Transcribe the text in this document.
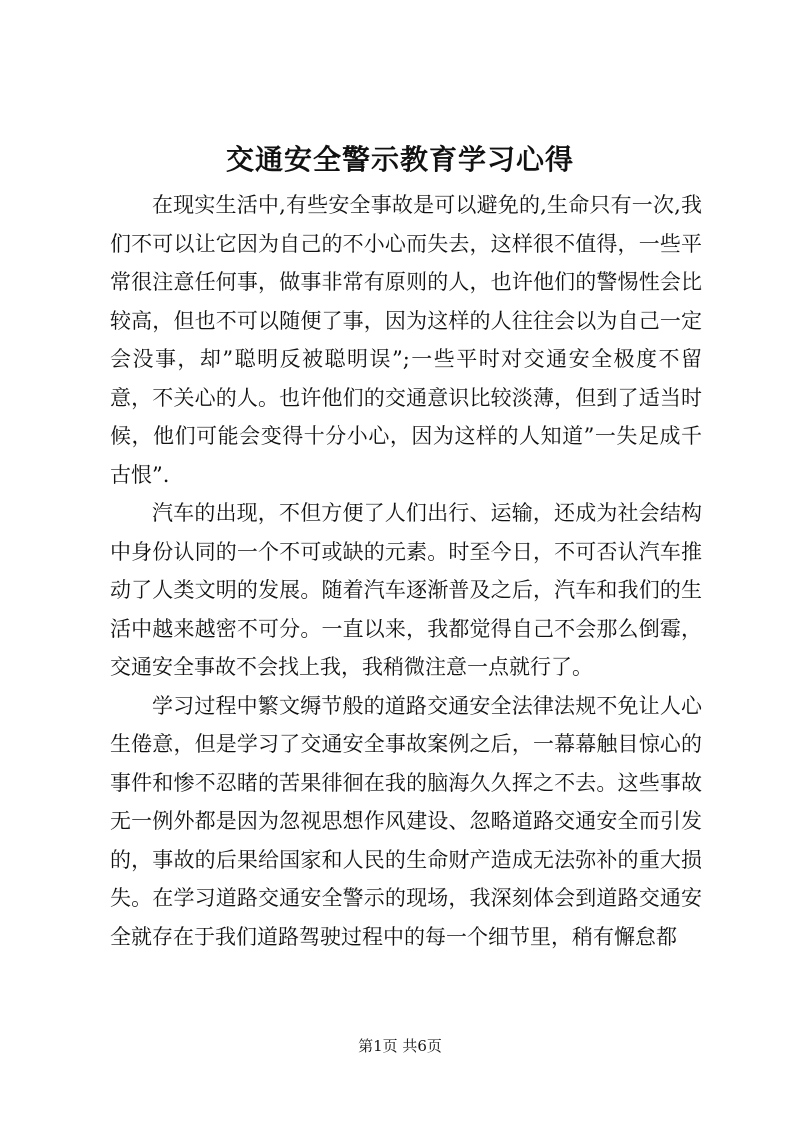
交通安全警示教育学习心得

在现实生活中,有些安全事故是可以避免的,生命只有一次,我们不可以让它因为自己的不小心而失去，这样很不值得，一些平常很注意任何事，做事非常有原则的人，也许他们的警惕性会比较高，但也不可以随便了事，因为这样的人往往会以为自己一定会没事，却”聪明反被聪明误”;一些平时对交通安全极度不留意，不关心的人。也许他们的交通意识比较淡薄，但到了适当时候，他们可能会变得十分小心，因为这样的人知道”一失足成千古恨”.

汽车的出现，不但方便了人们出行、运输，还成为社会结构中身份认同的一个不可或缺的元素。时至今日，不可否认汽车推动了人类文明的发展。随着汽车逐渐普及之后，汽车和我们的生活中越来越密不可分。一直以来，我都觉得自己不会那么倒霉，交通安全事故不会找上我，我稍微注意一点就行了。

学习过程中繁文缛节般的道路交通安全法律法规不免让人心生倦意，但是学习了交通安全事故案例之后，一幕幕触目惊心的事件和惨不忍睹的苦果徘徊在我的脑海久久挥之不去。这些事故无一例外都是因为忽视思想作风建设、忽略道路交通安全而引发的，事故的后果给国家和人民的生命财产造成无法弥补的重大损失。在学习道路交通安全警示的现场，我深刻体会到道路交通安全就存在于我们道路驾驶过程中的每一个细节里，稍有懈怠都

第1页 共6页
